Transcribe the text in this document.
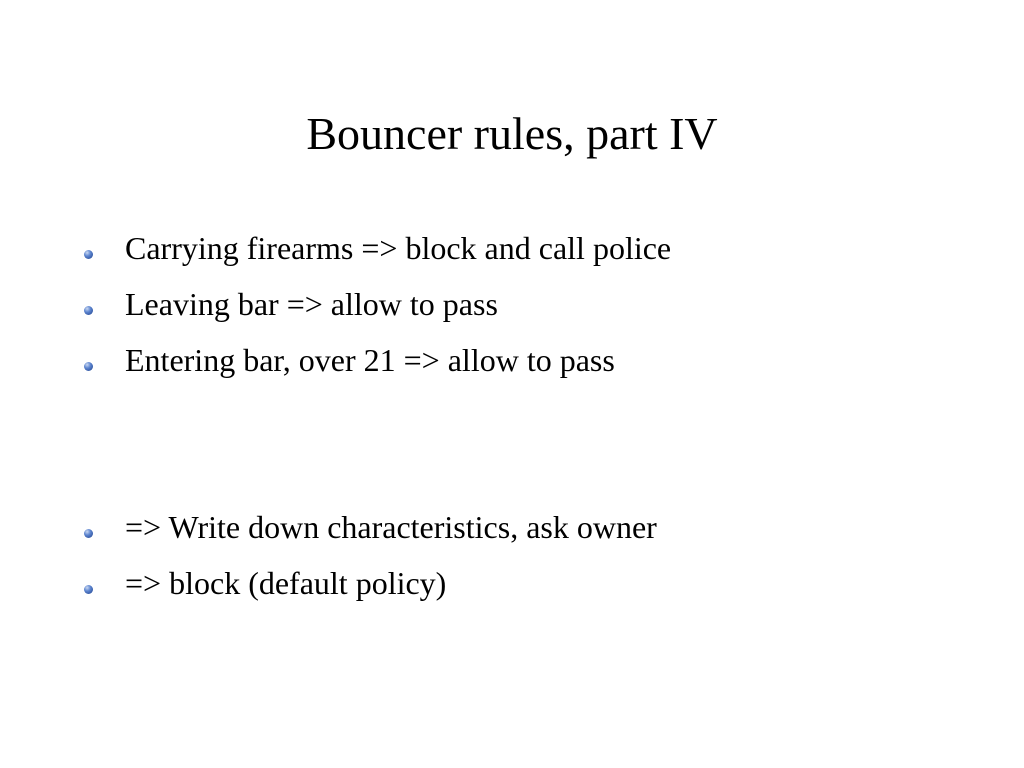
Bouncer rules, part IV
Carrying firearms => block and call police
Leaving bar => allow to pass
Entering bar, over 21 => allow to pass
=> Write down characteristics, ask owner
=> block (default policy)
